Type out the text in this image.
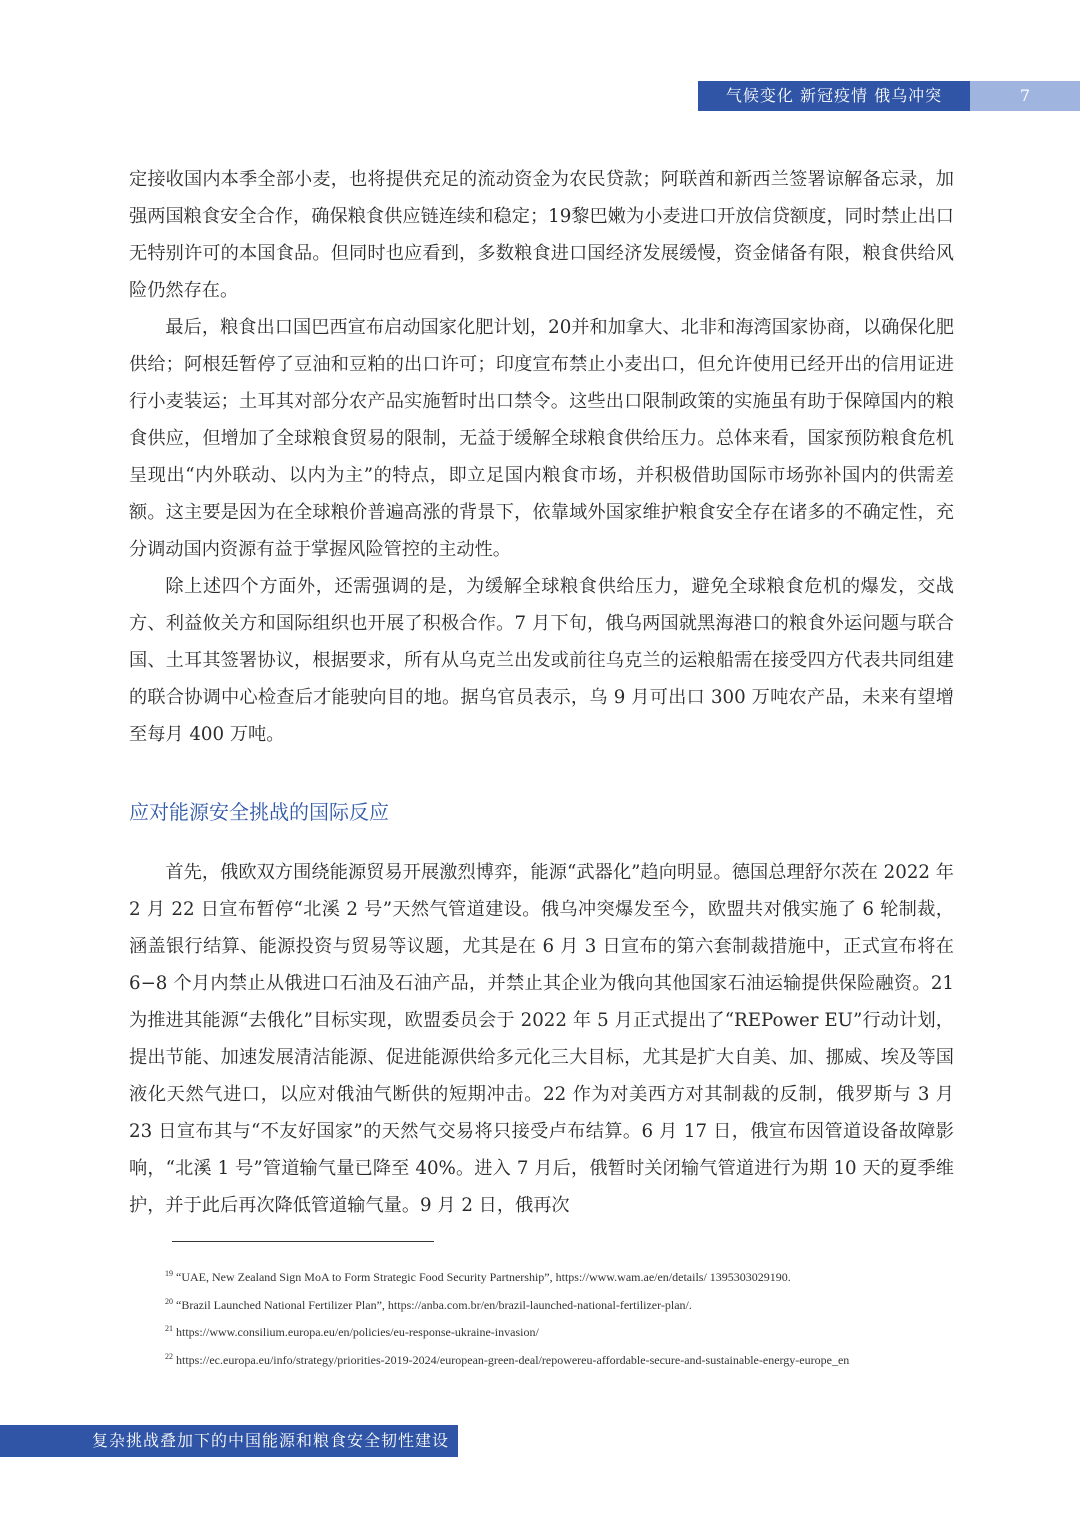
气候变化 新冠疫情 俄乌冲突	7

定接收国内本季全部小麦，也将提供充足的流动资金为农民贷款；阿联酋和新西兰签署谅解备忘录，加强两国粮食安全合作，确保粮食供应链连续和稳定；19黎巴嫩为小麦进口开放信贷额度，同时禁止出口无特别许可的本国食品。但同时也应看到，多数粮食进口国经济发展缓慢，资金储备有限，粮食供给风险仍然存在。

最后，粮食出口国巴西宣布启动国家化肥计划，20并和加拿大、北非和海湾国家协商，以确保化肥供给；阿根廷暂停了豆油和豆粕的出口许可；印度宣布禁止小麦出口，但允许使用已经开出的信用证进行小麦装运；土耳其对部分农产品实施暂时出口禁令。这些出口限制政策的实施虽有助于保障国内的粮食供应，但增加了全球粮食贸易的限制，无益于缓解全球粮食供给压力。总体来看，国家预防粮食危机呈现出“内外联动、以内为主”的特点，即立足国内粮食市场，并积极借助国际市场弥补国内的供需差额。这主要是因为在全球粮价普遍高涨的背景下，依靠域外国家维护粮食安全存在诸多的不确定性，充分调动国内资源有益于掌握风险管控的主动性。

除上述四个方面外，还需强调的是，为缓解全球粮食供给压力，避免全球粮食危机的爆发，交战方、利益攸关方和国际组织也开展了积极合作。7 月下旬，俄乌两国就黑海港口的粮食外运问题与联合国、土耳其签署协议，根据要求，所有从乌克兰出发或前往乌克兰的运粮船需在接受四方代表共同组建的联合协调中心检查后才能驶向目的地。据乌官员表示，乌 9 月可出口 300 万吨农产品，未来有望增至每月 400 万吨。

应对能源安全挑战的国际反应

首先，俄欧双方围绕能源贸易开展激烈博弈，能源“武器化”趋向明显。德国总理舒尔茨在 2022 年 2 月 22 日宣布暂停“北溪 2 号”天然气管道建设。俄乌冲突爆发至今，欧盟共对俄实施了 6 轮制裁，涵盖银行结算、能源投资与贸易等议题，尤其是在 6 月 3 日宣布的第六套制裁措施中，正式宣布将在 6−8 个月内禁止从俄进口石油及石油产品，并禁止其企业为俄向其他国家石油运输提供保险融资。21 为推进其能源“去俄化”目标实现，欧盟委员会于 2022 年 5 月正式提出了“REPower EU”行动计划，提出节能、加速发展清洁能源、促进能源供给多元化三大目标，尤其是扩大自美、加、挪威、埃及等国液化天然气进口，以应对俄油气断供的短期冲击。22 作为对美西方对其制裁的反制，俄罗斯与 3 月 23 日宣布其与“不友好国家”的天然气交易将只接受卢布结算。6 月 17 日，俄宣布因管道设备故障影响，“北溪 1 号”管道输气量已降至 40%。进入 7 月后，俄暂时关闭输气管道进行为期 10 天的夏季维护，并于此后再次降低管道输气量。9 月 2 日，俄再次

$^{19}$ “UAE, New Zealand Sign MoA to Form Strategic Food Security Partnership”, https://www.wam.ae/en/details/ 1395303029190.
$^{20}$ “Brazil Launched National Fertilizer Plan”, https://anba.com.br/en/brazil-launched-national-fertilizer-plan/.
$^{21}$ https://www.consilium.europa.eu/en/policies/eu-response-ukraine-invasion/
$^{22}$ https://ec.europa.eu/info/strategy/priorities-2019-2024/european-green-deal/repowereu-affordable-secure-and-sustainable-energy-europe_en
复杂挑战叠加下的中国能源和粮食安全韧性建设
